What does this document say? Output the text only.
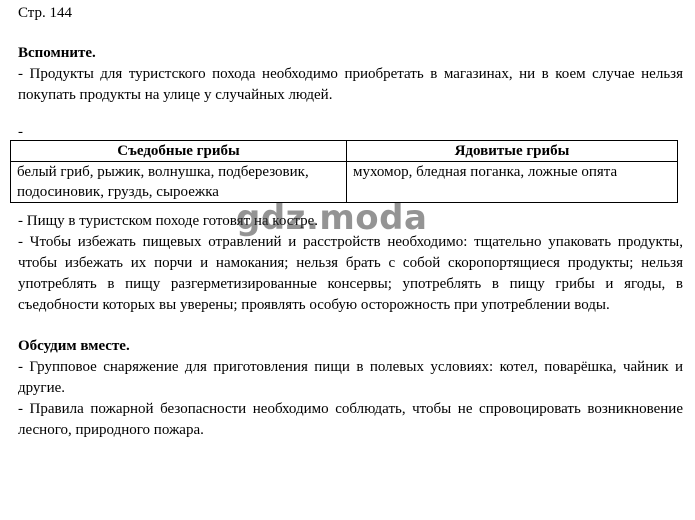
Стр. 144
Вспомните.

- Продукты для туристского похода необходимо приобретать в магазинах, ни в коем случае нельзя покупать продукты на улице у случайных людей.

-
Съедобные грибы	Ядовитые грибы
белый гриб, рыжик, волнушка, подберезовик, подосиновик, груздь, сыроежка	мухомор, бледная поганка, ложные опята

- Пищу в туристском походе готовят на костре.

- Чтобы избежать пищевых отравлений и расстройств необходимо: тщательно упаковать продукты, чтобы избежать их порчи и намокания; нельзя брать с собой скоропортящиеся продукты; нельзя употреблять в пищу разгерметизированные консервы; употреблять в пищу грибы и ягоды, в съедобности которых вы уверены; проявлять особую осторожность при употреблении воды.

Обсудим вместе.

- Групповое снаряжение для приготовления пищи в полевых условиях: котел, поварёшка, чайник и другие.

- Правила пожарной безопасности необходимо соблюдать, чтобы не спровоцировать возникновение лесного, природного пожара.

gdz.moda
